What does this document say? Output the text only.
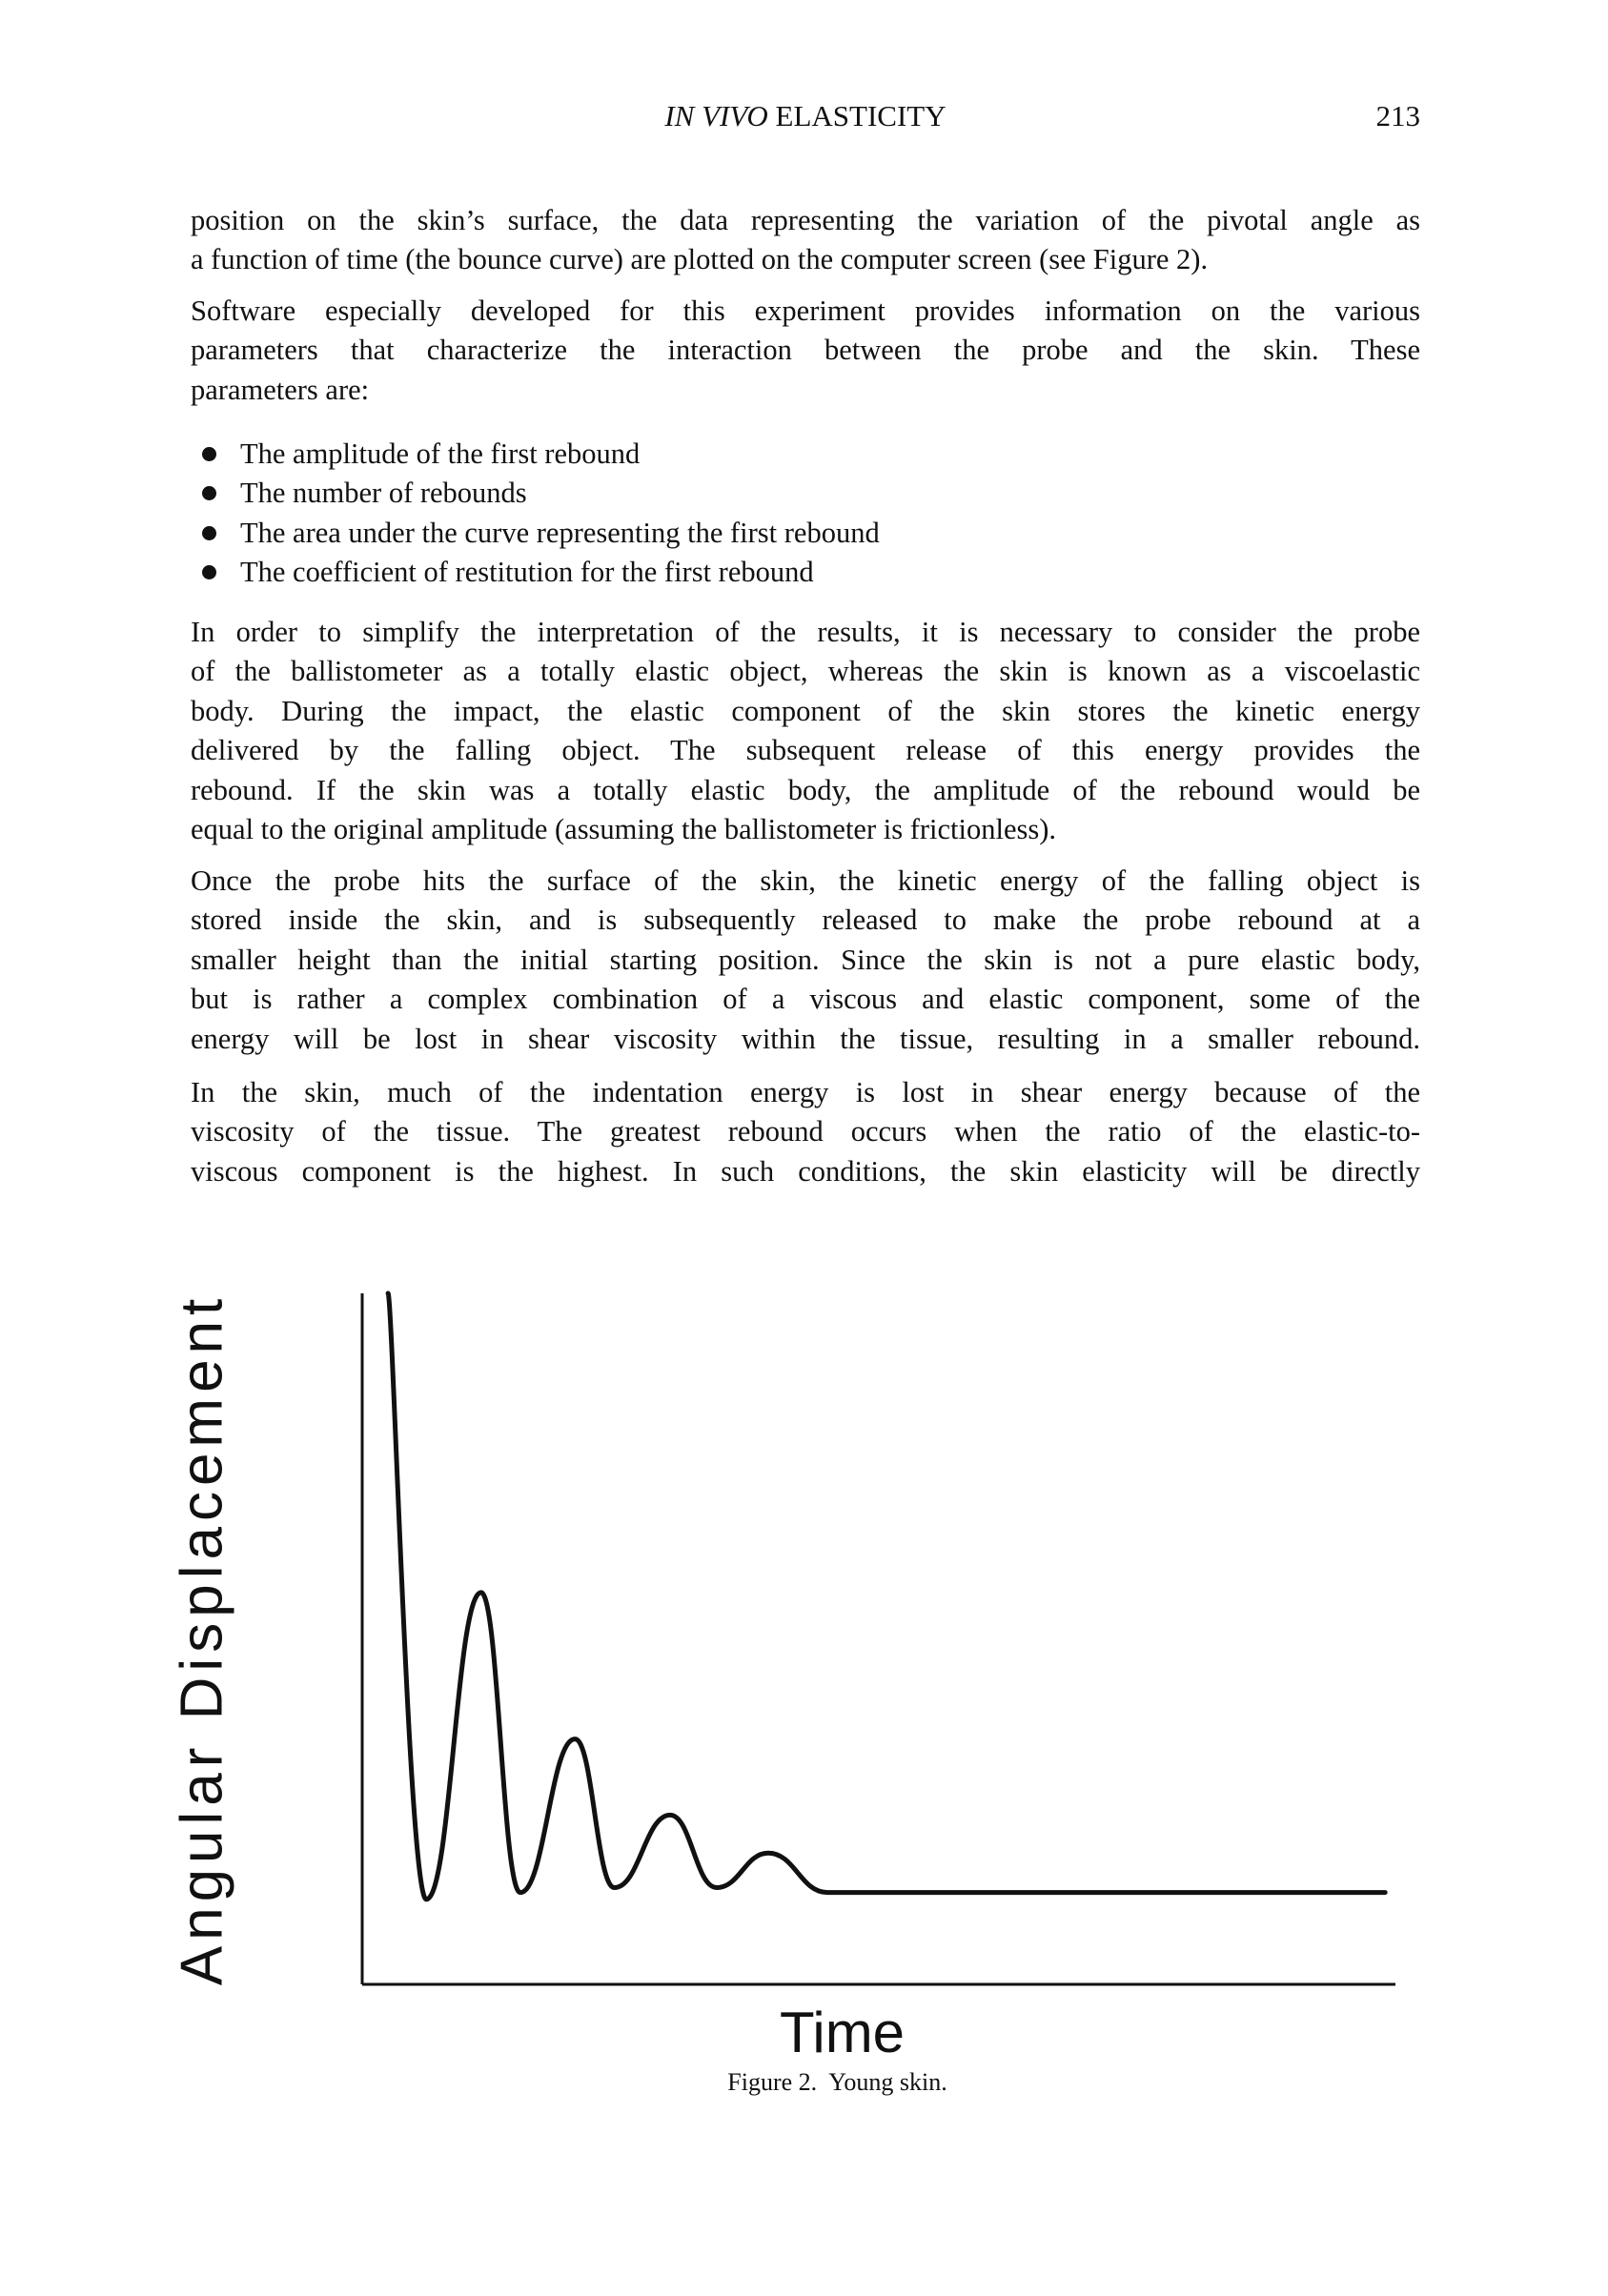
IN VIVO ELASTICITY	213
position on the skin’s surface, the data representing the variation of the pivotal angle as
a function of time (the bounce curve) are plotted on the computer screen (see Figure 2).
Software especially developed for this experiment provides information on the various
parameters that characterize the interaction between the probe and the skin. These
parameters are:
The amplitude of the first rebound
The number of rebounds
The area under the curve representing the first rebound
The coefficient of restitution for the first rebound
In order to simplify the interpretation of the results, it is necessary to consider the probe
of the ballistometer as a totally elastic object, whereas the skin is known as a viscoelastic
body. During the impact, the elastic component of the skin stores the kinetic energy
delivered by the falling object. The subsequent release of this energy provides the
rebound. If the skin was a totally elastic body, the amplitude of the rebound would be
equal to the original amplitude (assuming the ballistometer is frictionless).
Once the probe hits the surface of the skin, the kinetic energy of the falling object is
stored inside the skin, and is subsequently released to make the probe rebound at a
smaller height than the initial starting position. Since the skin is not a pure elastic body,
but is rather a complex combination of a viscous and elastic component, some of the
energy will be lost in shear viscosity within the tissue, resulting in a smaller rebound.
In the skin, much of the indentation energy is lost in shear energy because of the
viscosity of the tissue. The greatest rebound occurs when the ratio of the elastic-to-
viscous component is the highest. In such conditions, the skin elasticity will be directly
Angular Displacement
Time
Figure 2. Young skin.
